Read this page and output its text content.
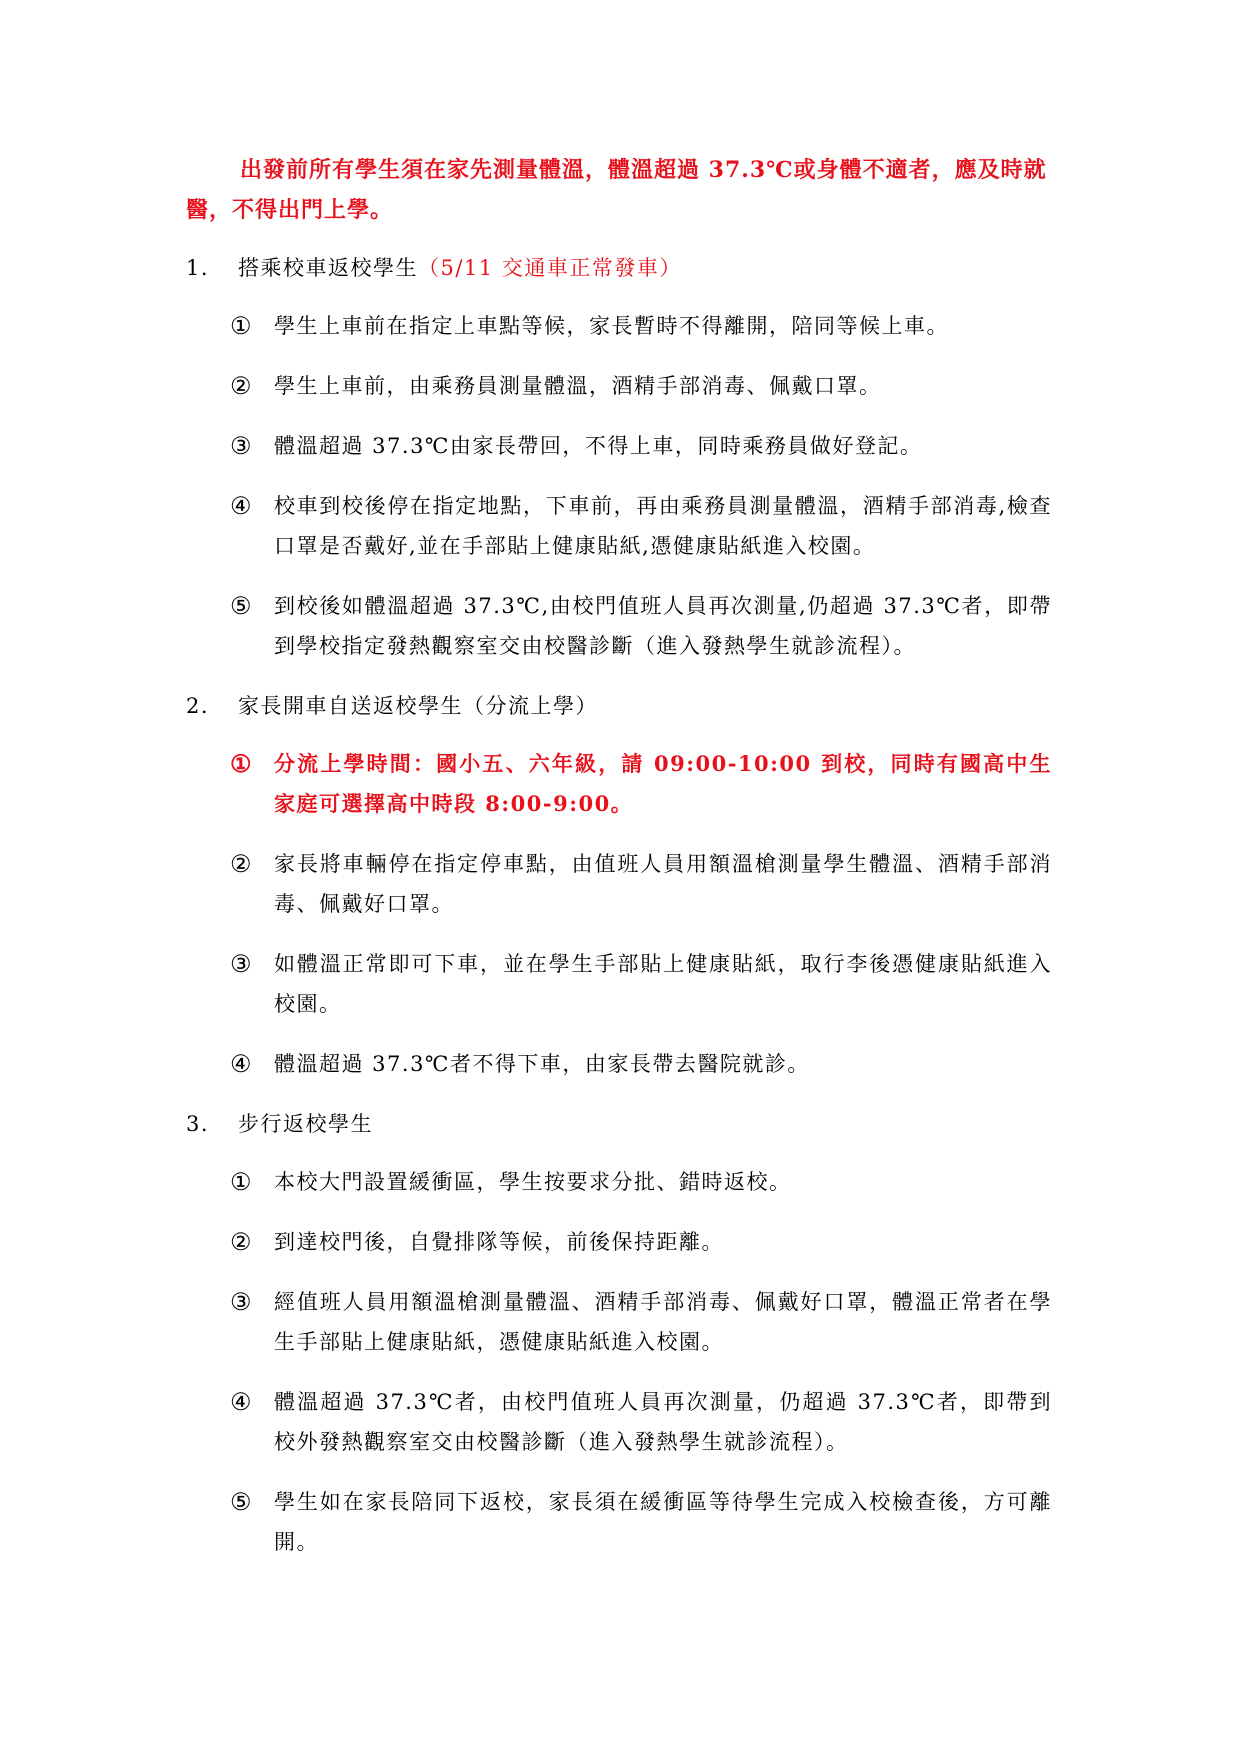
出發前所有學生須在家先測量體溫，體溫超過 37.3℃或身體不適者，應及時就醫，不得出門上學。

1.	搭乘校車返校學生（5/11 交通車正常發車）
① 學生上車前在指定上車點等候，家長暫時不得離開，陪同等候上車。
② 學生上車前，由乘務員測量體溫，酒精手部消毒、佩戴口罩。
③ 體溫超過 37.3℃由家長帶回，不得上車，同時乘務員做好登記。
④ 校車到校後停在指定地點，下車前，再由乘務員測量體溫，酒精手部消毒,檢查口罩是否戴好,並在手部貼上健康貼紙,憑健康貼紙進入校園。
⑤ 到校後如體溫超過 37.3℃,由校門值班人員再次測量,仍超過 37.3℃者，即帶到學校指定發熱觀察室交由校醫診斷（進入發熱學生就診流程）。
2.	家長開車自送返校學生（分流上學）
① 分流上學時間：國小五、六年級，請 09:00-10:00 到校，同時有國高中生家庭可選擇高中時段 8:00-9:00。
② 家長將車輛停在指定停車點，由值班人員用額溫槍測量學生體溫、酒精手部消毒、佩戴好口罩。
③ 如體溫正常即可下車，並在學生手部貼上健康貼紙，取行李後憑健康貼紙進入校園。
④ 體溫超過 37.3℃者不得下車，由家長帶去醫院就診。
3.	步行返校學生
① 本校大門設置緩衝區，學生按要求分批、錯時返校。
② 到達校門後，自覺排隊等候，前後保持距離。
③ 經值班人員用額溫槍測量體溫、酒精手部消毒、佩戴好口罩，體溫正常者在學生手部貼上健康貼紙，憑健康貼紙進入校園。
④ 體溫超過 37.3℃者，由校門值班人員再次測量，仍超過 37.3℃者，即帶到校外發熱觀察室交由校醫診斷（進入發熱學生就診流程）。
⑤ 學生如在家長陪同下返校，家長須在緩衝區等待學生完成入校檢查後，方可離開。
